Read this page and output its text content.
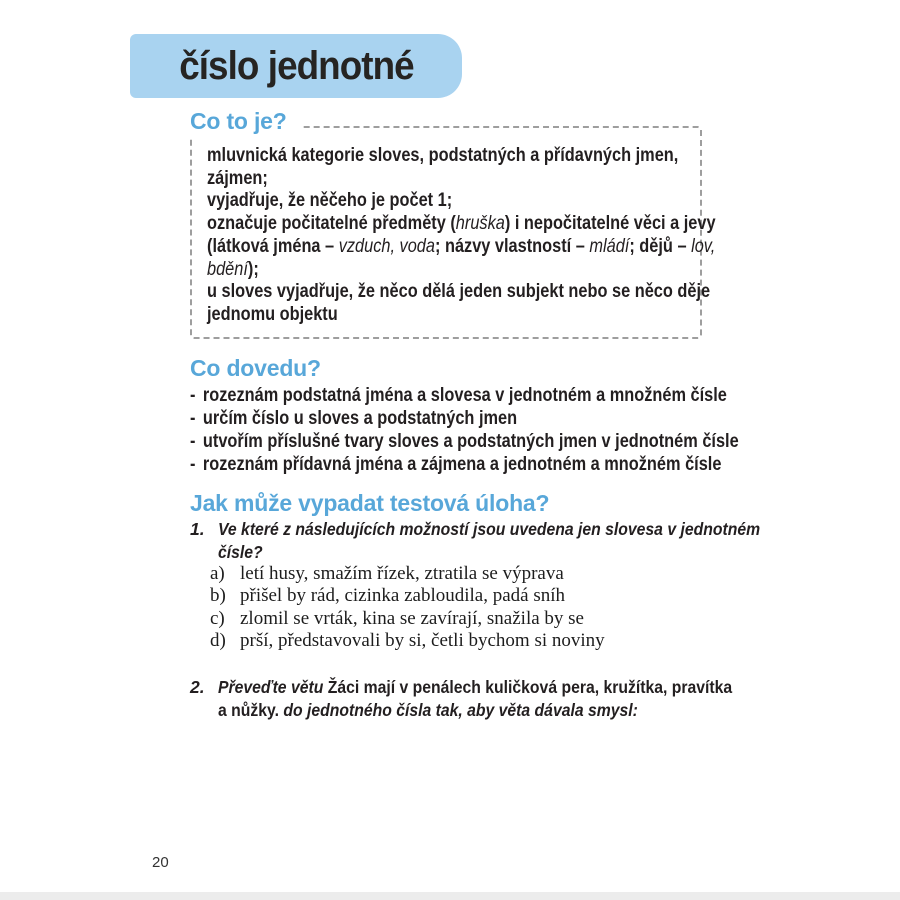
číslo jednotné
Co to je?
mluvnická kategorie sloves, podstatných a přídavných jmen,
zájmen;
vyjadřuje, že něčeho je počet 1;
označuje počitatelné předměty (hruška) i nepočitatelné věci a jevy
(látková jména – vzduch, voda; názvy vlastností – mládí; dějů – lov,
bdění);
u sloves vyjadřuje, že něco dělá jeden subjekt nebo se něco děje
jednomu objektu
Co dovedu?
- rozeznám podstatná jména a slovesa v jednotném a množném čísle
- určím číslo u sloves a podstatných jmen
- utvořím příslušné tvary sloves a podstatných jmen v jednotném čísle
- rozeznám přídavná jména a zájmena a jednotném a množném čísle
Jak může vypadat testová úloha?
1. Ve které z následujících možností jsou uvedena jen slovesa v jednotném
čísle?
a) letí husy, smažím řízek, ztratila se výprava
b) přišel by rád, cizinka zabloudila, padá sníh
c) zlomil se vrták, kina se zavírají, snažila by se
d) prší, představovali by si, četli bychom si noviny
2. Převeďte větu Žáci mají v penálech kuličková pera, kružítka, pravítka
a nůžky. do jednotného čísla tak, aby věta dávala smysl:
20
